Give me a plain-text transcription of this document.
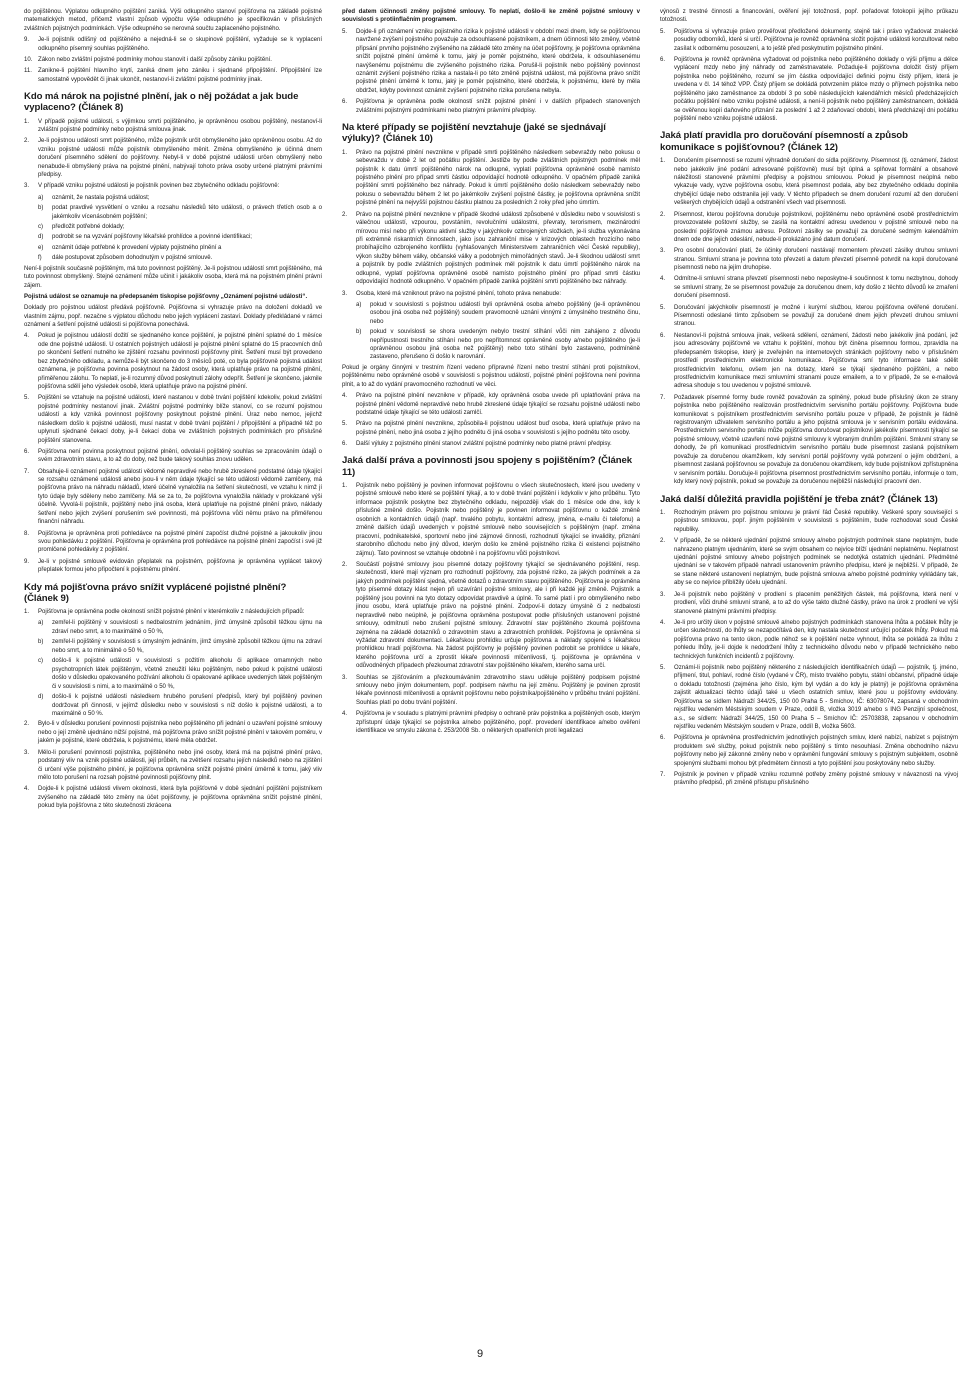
do pojištěnou. Výplatou odkupného pojištění zaniká. Výši odkupného stanoví pojišťovna na základě pojistné matematických metod, přičemž vlastní způsob výpočtu výše odkupného je specifikován v příslušných zvláštních pojistných podmínkách. Výše odkupného se nerovná součtu zaplaceného pojistného.

9.	Je-li pojistník odlišný od pojištěného a nejedná-li se o skupinové pojištění, vyžaduje se k vyplacení odkupného písemný souhlas pojištěného.
10. Zákon nebo zvláštní pojistné podmínky mohou stanovit i další způsoby zániku pojištění.
11. Zanikne-li pojištění hlavního krytí, zaniká dnem jeho zániku i sjednané připojištění. Připojištění lze samostatně vypovědět či jinak ukončit, nestanoví-li zvláštní pojistné podmínky jinak.
Kdo má nárok na pojistné plnění, jak o něj požádat a jak bude vyplaceno? (Článek 8)
1.	V případě pojistné události, s výjimkou smrti pojištěného, je oprávněnou osobou pojištěný, nestanoví-li zvláštní pojistné podmínky nebo pojistná smlouva jinak.
2.	Je-li pojistnou událostí smrt pojištěného, může pojistník určit obmyšleného jako oprávněnou osobu. Až do vzniku pojistné události může pojistník obmyšleného měnit. Změna obmyšleného je účinná dnem doručení písemného sdělení do pojišťovny. Nebyl-li v době pojistné události určen obmyšlený nebo nenabude-li obmyšlený práva na pojistné plnění, nabývají tohoto práva osoby určené platnými právními předpisy.
3.	V případě vzniku pojistné události je pojistník povinen bez zbytečného odkladu pojišťovně:
a)	oznámit, že nastala pojistná událost;
b)	podat pravdivé vysvětlení o vzniku a rozsahu následků této události, o právech třetích osob a o jakémkoliv vícenásobném pojištění;
c)	předložit potřebné doklady;
d)	podrobit se na vyzvání pojišťovny lékařské prohlídce a povinné identifikaci;
e)	oznámit údaje potřebné k provedení výplaty pojistného plnění a
f)	dále postupovat způsobem dohodnutým v pojistné smlouvě.

Není-li pojistník současně pojištěným, má tuto povinnost pojištěný. Je-li pojistnou událostí smrt pojištěného, má tuto povinnost obmyšlený. Stejné oznámení může učinit i jakákoliv osoba, která má na pojistném plnění právní zájem.

Pojistná událost se oznamuje na předepsaném tiskopise pojišťovny „Oznámení pojistné události“.

Doklady pro pojistnou událost předává pojišťovně. Pojišťovna si vyhrazuje právo na doložení dokladů ve vlastním zájmu, popř. nezačne s výplatou důchodu nebo jejich vyplácení zastaví. Doklady předkládané v rámci oznámení a šetření pojistné události si pojišťovna ponechává.

4.	Pokud je pojistnou událostí dožití se sjednaného konce pojištění, je pojistné plnění splatné do 1 měsíce ode dne pojistné události. U ostatních pojistných událostí je pojistné plnění splatné do 15 pracovních dnů po skončení šetření nutného ke zjištění rozsahu povinnosti pojišťovny plnit. Šetření musí být provedeno bez zbytečného odkladu, a nemůže-li být skončeno do 3 měsíců poté, co byla pojišťovně pojistná událost oznámena, je pojišťovna povinna poskytnout na žádost osoby, která uplatňuje právo na pojistné plnění, přiměřenou zálohu. To neplatí, je-li rozumný důvod poskytnutí zálohy odepřít. Šetření je skončeno, jakmile pojišťovna sdělí jeho výsledek osobě, která uplatňuje právo na pojistné plnění.
5.	Pojištění se vztahuje na pojistné události, které nastanou v době trvání pojištění kdekoliv, pokud zvláštní pojistné podmínky nestanoví jinak. Zvláštní pojistné podmínky blíže stanoví, co se rozumí pojistnou událostí a kdy vzniká povinnost pojišťovny poskytnout pojistné plnění. Úraz nebo nemoc, jejichž následkem došlo k pojistné události, musí nastat v době trvání pojištění / připojištění a případně též po uplynutí sjednané čekací doby, je-li čekací doba ve zvláštních pojistných podmínkách pro příslušné pojištění stanovena.
6.	Pojišťovna není povinna poskytnout pojistné plnění, odvolal-li pojištěný souhlas se zpracováním údajů o svém zdravotním stavu, a to až do doby, než bude takový souhlas znovu udělen.
7.	Obsahuje-li oznámení pojistné události vědomě nepravdivé nebo hrubě zkreslené podstatné údaje týkající se rozsahu oznámené události anebo jsou-li v něm údaje týkající se této události vědomě zamlčeny, má pojišťovna právo na náhradu nákladů, které účelně vynaložila na šetření skutečností, ve vztahu k nimž jí tyto údaje byly sděleny nebo zamlčeny. Má se za to, že pojišťovna vynaložila náklady v prokázané výši účelně. Vyvolá-li pojistník, pojištěný nebo jiná osoba, která uplatňuje na pojistné plnění právo, náklady šetření nebo jejich zvýšení porušením své povinnosti, má pojišťovna vůči němu právo na přiměřenou finanční náhradu.
8.	Pojišťovna je oprávněna proti pohledávce na pojistné plnění započíst dlužné pojistné a jakoukoliv jinou svou pohledávku z pojištění. Pojišťovna je oprávněna proti pohledávce na pojistné plnění započíst i své již promlčené pohledávky z pojištění.
9.	Je-li v pojistné smlouvě evidován přeplatek na pojistném, pojišťovna je oprávněna vyplácet takový přeplatek formou jeho připočtení k pojistnému plnění.
Kdy má pojišťovna právo snížit vyplácené pojistné plnění? (Článek 9)
1.	Pojišťovna je oprávněna podle okolností snížit pojistné plnění v kterémkoliv z následujících případů:
a)	zemřel-li pojištěný v souvislosti s nedbalostním jednáním, jímž úmyslně způsobil těžkou újmu na zdraví nebo smrt, a to maximálně o 50 %,
b)	zemřel-li pojištěný v souvislosti s úmyslným jednáním, jímž úmyslně způsobil těžkou újmu na zdraví nebo smrt, a to minimálně o 50 %,
c)	došlo-li k pojistné události v souvislosti s požitím alkoholu či aplikace omamných nebo psychotropních látek pojištěným, včetně zneužití léku pojištěným, nebo pokud k pojistné události došlo v důsledku opakovaného požívání alkoholu či opakované aplikace uvedených látek pojištěným či v souvislosti s nimi, a to maximálně o 50 %,
d)	došlo-li k pojistné události následkem hrubého porušení předpisů, který byl pojištěný povinen dodržovat při činnosti, v jejímž důsledku nebo v souvislosti s níž došlo k pojistné události, a to maximálně o 50 %.
2.	Bylo-li v důsledku porušení povinnosti pojistníka nebo pojištěného při jednání o uzavření pojistné smlouvy nebo o její změně ujednáno nižší pojistné, má pojišťovna právo snížit pojistné plnění v takovém poměru, v jakém je pojistné, které obdržela, k pojistnému, které měla obdržet.
3.	Mělo-li porušení povinnosti pojistníka, pojištěného nebo jiné osoby, která má na pojistné plnění právo, podstatný vliv na vznik pojistné události, její průběh, na zvětšení rozsahu jejích následků nebo na zjištění či určení výše pojistného plnění, je pojišťovna oprávněna snížit pojistné plnění úměrně k tomu, jaký vliv mělo toto porušení na rozsah pojistné povinnosti pojišťovny plnit.
4.	Dojde-li k pojistné události vlivem okolnosti, která byla pojišťovně v době sjednání pojištění pojistníkem zvýšeného na základě této změny na účet pojišťovny, je pojišťovna oprávněna snížit pojistné plnění, pokud byla pojišťovna z této skutečnosti zkrácena

před datem účinnosti změny pojistné smlouvy. To neplatí, došlo-li ke změně pojistné smlouvy v souvislosti s protiinflačním programem.

5.	Dojde-li při oznámení vzniku pojistného rizika k pojistné události v období mezi dnem, kdy se pojišťovnou navržené zvýšení pojistného považuje za odsouhlasené pojistníkem, a dnem účinnosti této změny, včetně připsání prvního pojistného zvýšeného na základě této změny na účet pojišťovny, je pojišťovna oprávněna snížit pojistné plnění úměrně k tomu, jaký je poměr pojistného, které obdržela, k odsouhlasenému navýšenému pojistnému dle zvýšeného pojistného rizika. Porušil-li pojistník nebo pojištěný povinnost oznámit zvýšení pojistného rizika a nastala-li po této změně pojistná událost, má pojišťovna právo snížit pojistné plnění úměrně k tomu, jaký je poměr pojistného, které obdržela, k pojistnému, které by měla obdržet, kdyby povinnost oznámit zvýšení pojistného rizika porušena nebyla.
6.	Pojišťovna je oprávněna podle okolností snížit pojistné plnění i v dalších případech stanovených zvláštními pojistnými podmínkami nebo platnými právními předpisy.
Na které případy se pojištění nevztahuje (jaké se sjednávají výluky)? (Článek 10)
1.	Právo na pojistné plnění nevznikne v případě smrti pojištěného následkem sebevraždy nebo pokusu o sebevraždu v době 2 let od počátku pojištění. Jestliže by podle zvláštních pojistných podmínek měl pojistník k datu úmrtí pojištěného nárok na odkupné, vyplatí pojišťovna oprávněné osobě namísto pojistného plnění pro případ smrti částku odpovídající hodnotě odkupného. V opačném případě zaniká pojištění smrti pojištěného bez náhrady. Pokud k úmrtí pojištěného došlo následkem sebevraždy nebo pokusu o sebevraždu během 2 let po jakémkoliv zvýšení pojistné částky, je pojišťovna oprávněna snížit pojistné plnění na nejvyšší pojistnou částku platnou za posledních 2 roky před jeho úmrtím.
2.	Právo na pojistné plnění nevznikne v případě škodné události způsobené v důsledku nebo v souvislosti s válečnou událostí, vzpourou, povstáním, revolučními událostmi, převraty, terorismem, mezinárodní mírovou misí nebo při výkonu aktivní služby v jakýchkoliv ozbrojených složkách, je-li služba vykonávána při extrémně riskantních činnostech, jako jsou zahraniční mise v krizových oblastech hrozícího nebo probíhajícího ozbrojeného konfliktu (vyhlašovaných Ministerstvem zahraničních věcí České republiky), výkon služby během války, občanské války a podobných mimořádných stavů. Je-li škodnou událostí smrt a pojistník by podle zvláštních pojistných podmínek měl pojistník k datu úmrtí pojištěného nárok na odkupné, vyplatí pojišťovna oprávněné osobě namísto pojistného plnění pro případ smrti částku odpovídající hodnotě odkupného. V opačném případě zaniká pojištění smrti pojištěného bez náhrady.
3.	Osoba, které má vzniknout právo na pojistné plnění, tohoto práva nenabude:
a)	pokud v souvislosti s pojistnou událostí byli oprávněná osoba a/nebo pojištěný (je-li oprávněnou osobou jiná osoba než pojištěný) soudem pravomocně uznáni vinnými z úmyslného trestného činu, nebo
b)	pokud v souvislosti se shora uvedeným nebylo trestní stíhání vůči nim zahájeno z důvodu nepřípustnosti trestního stíhání nebo pro nepřítomnost oprávněné osoby a/nebo pojištěného (je-li oprávněnou osobou jiná osoba než pojištěný) nebo toto stíhání bylo zastaveno, podmíněně zastaveno, přerušeno či došlo k narovnání.

Pokud je orgány činnými v trestním řízení vedeno přípravné řízení nebo trestní stíhání proti pojistníkovi, pojištěnému nebo oprávněné osobě v souvislosti s pojistnou událostí, pojistné plnění pojišťovna není povinna plnit, a to až do vydání pravomocného rozhodnutí ve věci.

4.	Právo na pojistné plnění nevznikne v případě, kdy oprávněná osoba uvede při uplatňování práva na pojistné plnění vědomě nepravdivé nebo hrubě zkreslené údaje týkající se rozsahu pojistné události nebo podstatné údaje týkající se této události zamlčí.
5.	Právo na pojistné plnění nevznikne, způsobila-li pojistnou událost buď osoba, která uplatňuje právo na pojistné plnění, nebo jiná osoba z jejího podnětu či jiná osoba v souvislosti s jejího podnětu této osoby.
6.	Další výluky z pojistného plnění stanoví zvláštní pojistné podmínky nebo platné právní předpisy.
Jaká další práva a povinnosti jsou spojeny s pojištěním? (Článek 11)
1.	Pojistník nebo pojištěný je povinen informovat pojišťovnu o všech skutečnostech, které jsou uvedeny v pojistné smlouvě nebo které se pojištění týkají, a to v době trvání pojištění i kdykoliv v jeho průběhu. Tyto informace pojistník poskytne bez zbytečného odkladu, nejpozději však do 1 měsíce ode dne, kdy k příslušné změně došlo. Pojistník nebo pojištěný je povinen informovat pojišťovnu o každé změně osobních a kontaktních údajů (např. trvalého pobytu, kontaktní adresy, jména, e-mailu či telefonu) a změně dalších údajů uvedených v pojistné smlouvě nebo souvisejících s pojištěným (např. změna pracovní, podnikatelské, sportovní nebo jiné zájmové činnosti, rozhodnutí týkající se invalidity, přiznání starobního důchodu nebo jiný důvod, kterým došlo ke změně pojistného rizika či existenci pojistného zájmu). Tato povinnost se vztahuje obdobně i na pojišťovnu vůči pojistníkovi.
2.	Součástí pojistné smlouvy jsou písemné dotazy pojišťovny týkající se sjednávaného pojištění, resp. skutečností, které mají význam pro rozhodnutí pojišťovny, zda pojistné riziko, za jakých podmínek a za jakých podmínek pojištění sjedná, včetně dotazů o zdravotním stavu pojištěného. Pojišťovna je oprávněna tyto písemné dotazy klást nejen při uzavírání pojistné smlouvy, ale i při každé její změně. Pojistník a pojištěný jsou povinni na tyto dotazy odpovídat pravdivě a úplně. To samé platí i pro obmyšleného nebo jinou osobu, která uplatňuje právo na pojistné plnění. Zodpoví-li dotazy úmyslně či z nedbalosti nepravdivě nebo neúplně, je pojišťovna oprávněna postupovat podle příslušných ustanovení pojistné smlouvy, odmítnutí nebo zrušení pojistné smlouvy. Zdravotní stav pojištěného zkoumá pojišťovna zejména na základě dotazníků o zdravotním stavu a zdravotních prohlídek. Pojišťovna je oprávněna si vyžádat zdravotní dokumentaci. Lékařskou prohlídku určuje pojišťovna a náklady spojené s lékařskou prohlídkou hradí pojišťovna. Na žádost pojišťovny je pojištěný povinen podrobit se prohlídce u lékaře, kterého pojišťovna určí a zprostit lékaře povinnosti mlčenlivosti, tj. pojišťovna je oprávněna v odůvodněných případech přezkoumat zdravotní stav pojištěného lékařem, kterého sama určí.
3.	Souhlas se zjišťováním a přezkoumáváním zdravotního stavu uděluje pojištěný podpisem pojistné smlouvy nebo jiným dokumentem, popř. podpisem návrhu na její změnu. Pojištěný je povinen zprostit lékaře povinnosti mlčenlivosti a oprávnit pojišťovnu nebo pojistníka/pojištěného v průběhu trvání pojištění. Souhlas platí po dobu trvání pojištění.
4.	Pojišťovna je v souladu s platnými právními předpisy o ochraně práv pojistníka a pojištěných osob, kterým zpřístupní údaje týkající se pojistníka a/nebo pojištěného, popř. provedení identifikace a/nebo ověření identifikace ve smyslu zákona č. 253/2008 Sb. o některých opatřeních proti legalizaci

výnosů z trestné činnosti a financování, ověření její totožnosti, popř. pořadovat fotokopii jejího průkazu totožnosti.

5.	Pojišťovna si vyhrazuje právo prověřovat předložené dokumenty, stejně tak i právo vyžadovat znalecké posudky odborníků, které si určí. Pojišťovna je rovněž oprávněna složit pojistné události konzultovat nebo zasílat k odbornému posouzení, a to ještě před poskytnutím pojistného plnění.
6.	Pojišťovna je rovněž oprávněna vyžadovat od pojistníka nebo pojištěného doklady o výši příjmu a délce vyplácení mzdy nebo jiný náhrady od zaměstnavatele. Požaduje-li pojišťovna doložit čistý příjem pojistníka nebo pojištěného, rozumí se jím částka odpovídající definici pojmu čistý příjem, která je uvedena v čl. 14 téhož VPP. Čistý příjem se dokládá potvrzením plátce mzdy o příjmech pojistníka nebo pojištěného jako zaměstnance za období 3 po sobě následujících kalendářních měsíců předcházejících počátku pojištění nebo vzniku pojistné události, a není-li pojistník nebo pojištěný zaměstnancem, dokládá se ověřenou kopií daňového přiznání za poslední 1 až 2 zdaňovací období, která předcházejí dni počátku pojištění nebo vzniku pojistné události.
Jaká platí pravidla pro doručování písemností a způsob komunikace s pojišťovnou? (Článek 12)
1.	Doručením písemnosti se rozumí výhradně doručení do sídla pojišťovny. Písemnost (tj. oznámení, žádost nebo jakékoliv jiné podání adresované pojišťovně) musí být úplná a splňovat formální a obsahové náležitosti stanovené právními předpisy a pojistnou smlouvou. Pokud je písemnost neúplná nebo vykazuje vady, vyzve pojišťovna osobu, která písemnost podala, aby bez zbytečného odkladu doplnila chybějící údaje nebo odstranila její vady. V těchto případech se dnem doručení rozumí až den doručení veškerých chybějících údajů a odstranění všech vad písemnosti.
2.	Písemnost, kterou pojišťovna doručuje pojistníkovi, pojištěnému nebo oprávněné osobě prostřednictvím provozovatele poštovní služby, se zasílá na kontaktní adresu uvedenou v pojistné smlouvě nebo na poslední pojišťovně známou adresu. Poštovní zásilky se považují za doručené sedmým kalendářním dnem ode dne jejich odeslání, nebude-li prokázáno jiné datum doručení.
3.	Pro osobní doručování platí, že účinky doručení nastávají momentem převzetí zásilky druhou smluvní stranou. Smluvní strana je povinna toto převzetí a datum převzetí písemně potvrdit na kopii doručované písemnosti nebo na jejím druhopise.
4.	Odmítne-li smluvní strana převzetí písemnosti nebo neposkytne-li součinnost k tomu nezbytnou, dohody se smluvní strany, že se písemnost považuje za doručenou dnem, kdy došlo z těchto důvodů ke zmaření doručení písemnosti.
5.	Doručování jakýchkoliv písemností je možné i kurýrní službou, kterou pojišťovna ověřené doručení. Písemnosti odeslané tímto způsobem se považují za doručené dnem jejich převzetí druhou smluvní stranou.
6.	Nestanoví-li pojistná smlouva jinak, veškerá sdělení, oznámení, žádosti nebo jakékoliv jiná podání, jež jsou adresovány pojišťovně ve vztahu k pojištění, mohou být činěna písemnou formou, zpravidla na předepsaném tiskopise, který je zveřejněn na internetových stránkách pojišťovny nebo v příslušném prostředí prostřednictvím elektronické komunikace. Pojišťovna smí tyto informace také sdělit prostřednictvím telefonu, ovšem jen na dotazy, které se týkají sjednaného pojištění, a nebo prostřednictvím komunikace mezi smluvními stranami pouze emailem, a to v případě, že se e-mailová adresa shoduje s tou uvedenou v pojistné smlouvě.
7.	Požadavek písemné formy bude rovněž považován za splněný, pokud bude příslušný úkon ze strany pojistníka nebo pojištěného realizován prostřednictvím servisního portálu pojišťovny. Pojišťovna bude komunikovat s pojistníkem prostřednictvím servisního portálu pouze v případě, že pojistník je řádně registrovaným uživatelem servisního portálu a jeho pojistná smlouva je v servisním portálu evidována. Prostřednictvím servisního portálu může pojišťovna doručovat pojistníkovi jakékoliv písemnosti týkající se pojistné smlouvy, včetně uzavření nové pojistné smlouvy k vybraným druhům pojištění. Smluvní strany se dohodly, že při komunikaci prostřednictvím servisního portálu bude písemnost zaslaná pojistníkem považuje za doručenou okamžikem, kdy servisní portál pojišťovny vydá potvrzení o jejím obdržení, a písemnost zaslaná pojišťovnou se považuje za doručenou okamžikem, kdy bude pojistníkovi zpřístupněna v servisním portálu. Doručuje-li pojišťovna písemnost prostřednictvím servisního portálu, informuje o tom, kdy který nový pojistník, pokud se považuje za doručenou nejbližší následující pracovní den.
Jaká další důležitá pravidla pojištění je třeba znát? (Článek 13)
1.	Rozhodným právem pro pojistnou smlouvu je právní řád České republiky. Veškeré spory související s pojistnou smlouvou, popř. jiným pojištěním v souvislosti s pojištěním, bude rozhodovat soud České republiky.
2.	V případě, že se některé ujednání pojistné smlouvy a/nebo pojistných podmínek stane neplatným, bude nahrazeno platným ujednáním, které se svým obsahem co nejvíce blíží ujednání neplatnému. Neplatnost ujednání pojistné smlouvy a/nebo pojistných podmínek se nedotýká ostatních ujednání. Předmětné ujednání se v takovém případě nahradí ustanovením právního předpisu, které je nejbližší. V případě, že se stane některé ustanovení neplatným, bude pojistná smlouva a/nebo pojistné podmínky vykládány tak, aby se co nejvíce přiblížily účelu ujednání.
3.	Je-li pojistník nebo pojištěný v prodlení s placením peněžitých částek, má pojišťovna, která není v prodlení, vůči druhé smluvní straně, a to až do výše takto dlužné částky, právo na úrok z prodlení ve výši stanovené platnými právními předpisy.
4.	Je-li pro určitý úkon v pojistné smlouvě a/nebo pojistných podmínkách stanovena lhůta a počátek lhůty je určen skutečností, do lhůty se nezapočítává den, kdy nastala skutečnost určující počátek lhůty. Pokud má pojišťovna právo na tento úkon, podle něhož se k pojištění nelze vyhnout, lhůta se pokládá za lhůtu z pohledu lhůty, je-li dojde k nedodržení lhůty z technického důvodu nebo v případě technického nebo technických funkčních incidentů z pojišťovny.
5.	Oznámí-li pojistník nebo pojištěný některého z následujících identifikačních údajů — pojistník, tj. jméno, příjmení, titul, pohlaví, rodné číslo (vydané v ČR), místo trvalého pobytu, státní občanství, případně údaje o dokladu totožnosti (zejména jeho číslo, kým byl vydán a do kdy je platný) je pojišťovna oprávněna zajistit aktualizaci těchto údajů také u všech ostatních smluv, které jsou u pojišťovny evidovány. Pojišťovna se sídlem Nádraží 344/25, 150 00 Praha 5 - Smíchov, IČ: 63078074, zapsaná v obchodním rejstříku vedeném Městským soudem v Praze, oddíl B, vložka 3019 a/nebo s ING Penzijní společnost, a.s., se sídlem: Nádraží 344/25, 150 00 Praha 5 – Smíchov IČ: 25703838, zapsanou v obchodním rejstříku vedeném Městským soudem v Praze, oddíl B, vložka 5603.
6.	Pojišťovna je oprávněna prostřednictvím jednotlivých pojistných smluv, které nabízí, nabízet s pojistným produktem své služby, pokud pojistník nebo pojištěný s tímto nesouhlasí. Změna obchodního názvu pojišťovny nebo její zákonné změny nebo v oprávnění fungování smlouvy s pojistným subjektem, osobně spojenými službami mohou být předmětem činnosti a tyto pojištění jsou poskytovány nebo služby.
7.	Pojistník je povinen v případě vzniku rozumné potřeby změny pojistné smlouvy v návaznosti na vývoj právního předpisů, při změně přístupu příslušného
9
